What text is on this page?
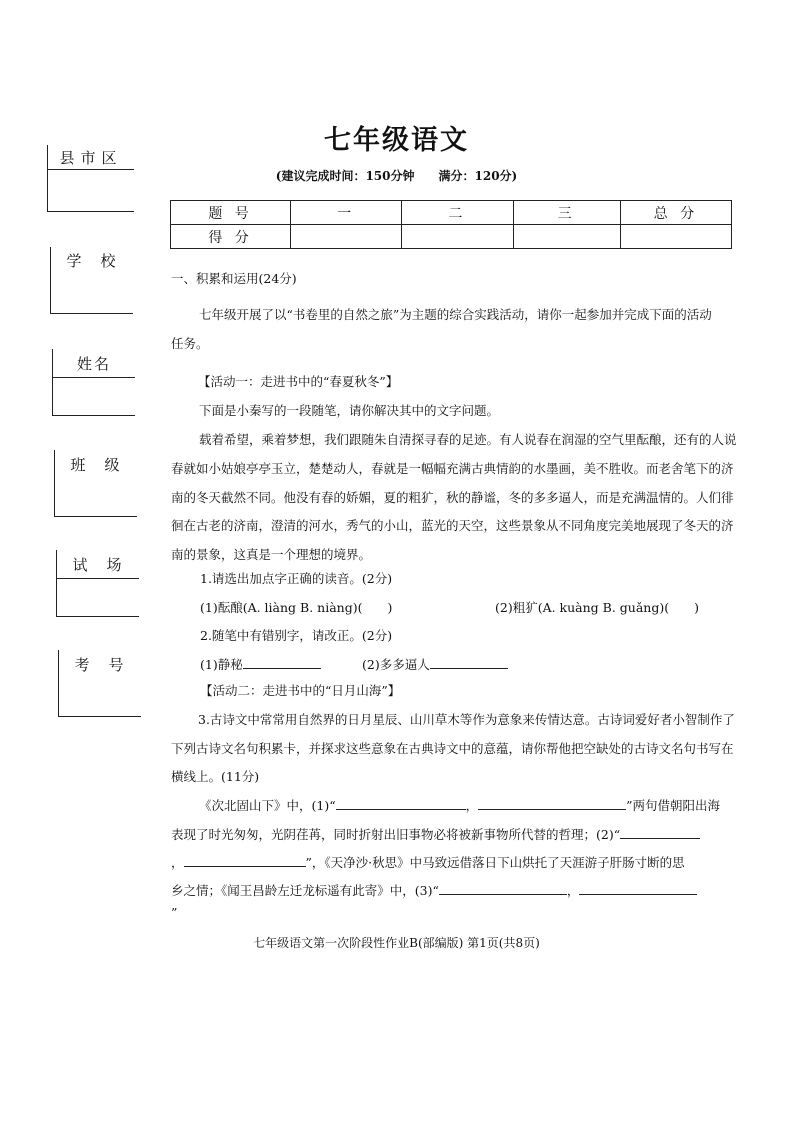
县市区
学　校
姓名
班　级
试　场
考　号
七年级语文
(建议完成时间：150分钟　　满分：120分)
题 号	一	二	三	总 分
得 分				
一、积累和运用(24分)
七年级开展了以“书卷里的自然之旅”为主题的综合实践活动，请你一起参加并完成下面的活动
任务。
【活动一：走进书中的“春夏秋冬”】
下面是小秦写的一段随笔，请你解决其中的文字问题。
载着希望，乘着梦想，我们跟随朱自清探寻春的足迹。有人说春在润湿的空气里酝酿，还有的人说
春就如小姑娘亭亭玉立，楚楚动人，春就是一幅幅充满古典情韵的水墨画，美不胜收。而老舍笔下的济
南的冬天截然不同。他没有春的娇媚，夏的粗犷，秋的静谧，冬的多多逼人，而是充满温情的。人们徘
徊在古老的济南，澄清的河水，秀气的小山，蓝光的天空，这些景象从不同角度完美地展现了冬天的济
南的景象，这真是一个理想的境界。
1.请选出加点字正确的读音。(2分)
(1)酝酿(A. liàng B. niàng)(　　)	(2)粗犷(A. kuàng B. guǎng)(　　)
2.随笔中有错别字，请改正。(2分)
(1)静秘	(2)多多逼人
【活动二：走进书中的“日月山海”】
3.古诗文中常常用自然界的日月星辰、山川草木等作为意象来传情达意。古诗词爱好者小智制作了
下列古诗文名句积累卡，并探求这些意象在古典诗文中的意蕴，请你帮他把空缺处的古诗文名句书写在
横线上。(11分)
《次北固山下》中，(1)“	，	”两句借朝阳出海
表现了时光匆匆，光阴荏苒，同时折射出旧事物必将被新事物所代替的哲理；(2)“
，	”，《天净沙·秋思》中马致远借落日下山烘托了天涯游子肝肠寸断的思
乡之情；《闻王昌龄左迁龙标遥有此寄》中，(3)“	，
”
七年级语文第一次阶段性作业B(部编版) 第1页(共8页)
